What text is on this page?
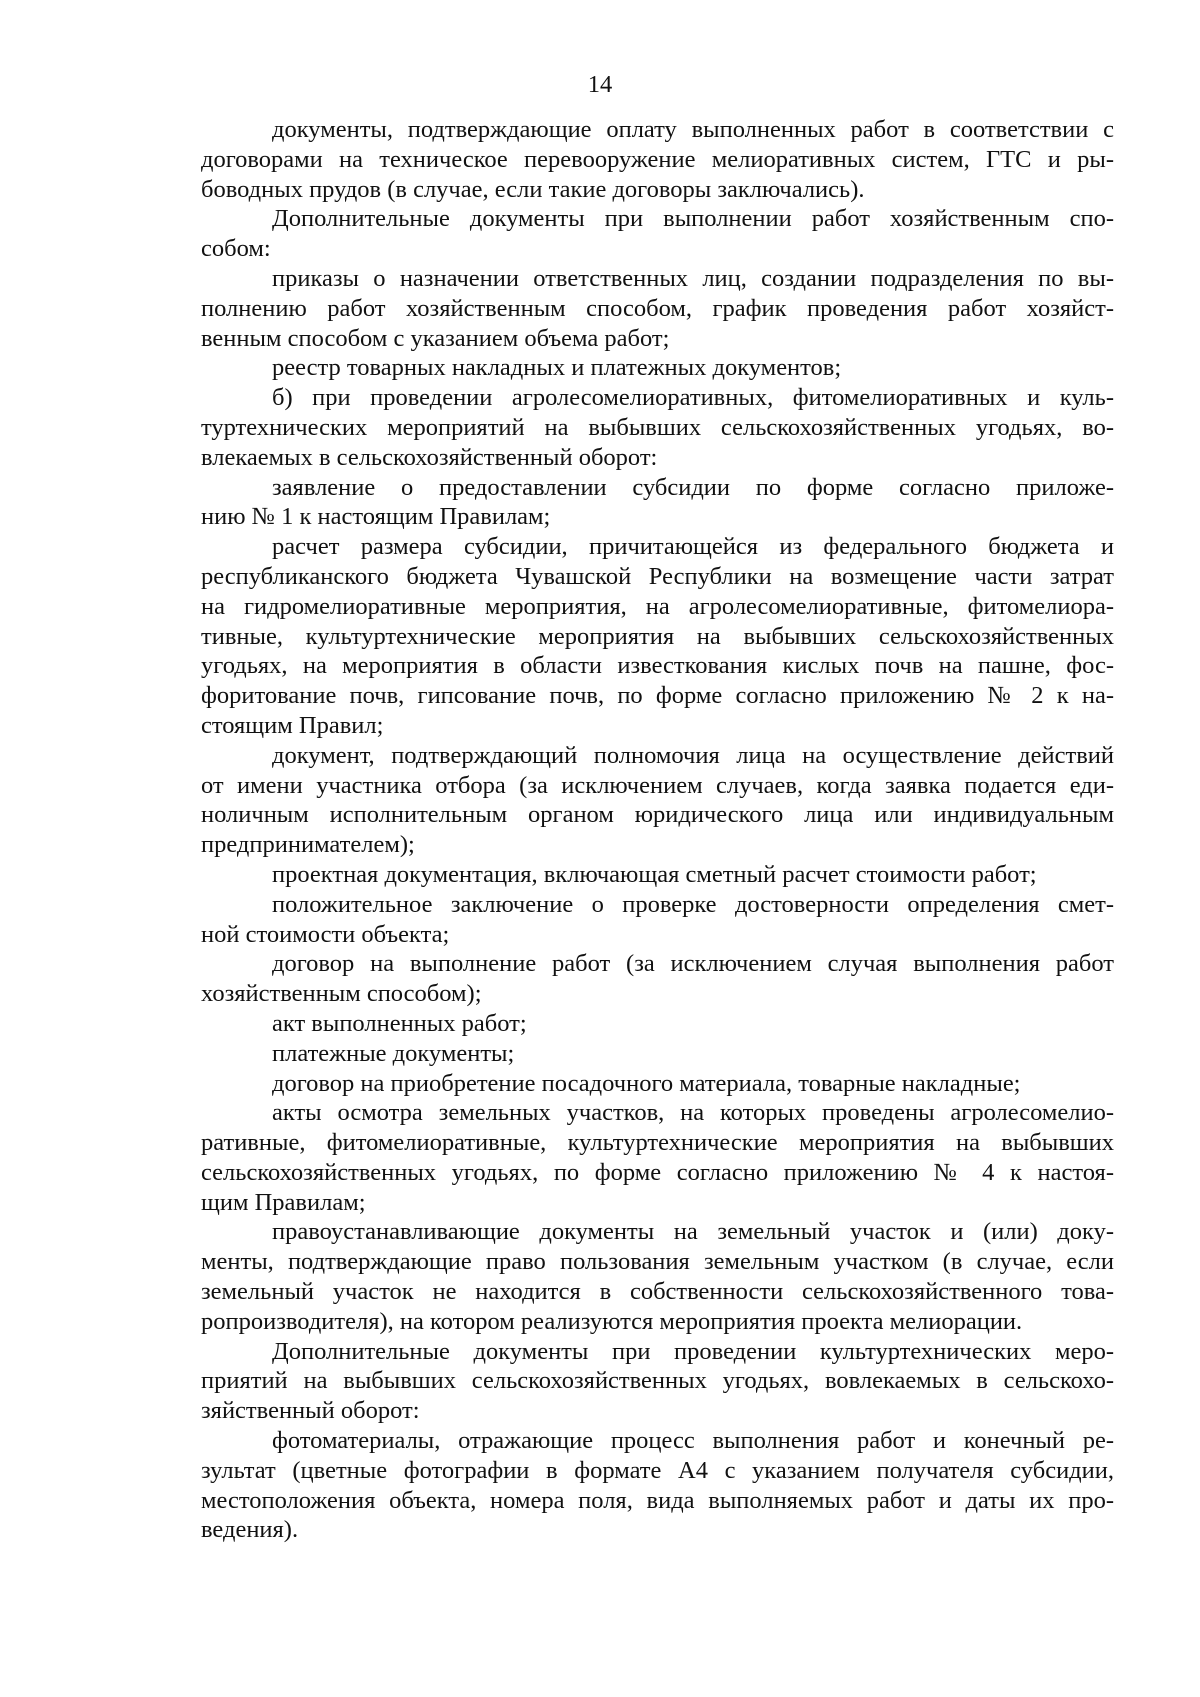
14
документы, подтверждающие оплату выполненных работ в соответствии с
договорами на техническое перевооружение мелиоративных систем, ГТС и ры-
боводных прудов (в случае, если такие договоры заключались).
Дополнительные документы при выполнении работ хозяйственным спо-
собом:
приказы о назначении ответственных лиц, создании подразделения по вы-
полнению работ хозяйственным способом, график проведения работ хозяйст-
венным способом с указанием объема работ;
реестр товарных накладных и платежных документов;
б) при проведении агролесомелиоративных, фитомелиоративных и куль-
туртехнических мероприятий на выбывших сельскохозяйственных угодьях, во-
влекаемых в сельскохозяйственный оборот:
заявление о предоставлении субсидии по форме согласно приложе-
нию № 1 к настоящим Правилам;
расчет размера субсидии, причитающейся из федерального бюджета и
республиканского бюджета Чувашской Республики на возмещение части затрат
на гидромелиоративные мероприятия, на агролесомелиоративные, фитомелиора-
тивные, культуртехнические мероприятия на выбывших сельскохозяйственных
угодьях, на мероприятия в области известкования кислых почв на пашне, фос-
форитование почв, гипсование почв, по форме согласно приложению № 2 к на-
стоящим Правил;
документ, подтверждающий полномочия лица на осуществление действий
от имени участника отбора (за исключением случаев, когда заявка подается еди-
ноличным исполнительным органом юридического лица или индивидуальным
предпринимателем);
проектная документация, включающая сметный расчет стоимости работ;
положительное заключение о проверке достоверности определения смет-
ной стоимости объекта;
договор на выполнение работ (за исключением случая выполнения работ
хозяйственным способом);
акт выполненных работ;
платежные документы;
договор на приобретение посадочного материала, товарные накладные;
акты осмотра земельных участков, на которых проведены агролесомелио-
ративные, фитомелиоративные, культуртехнические мероприятия на выбывших
сельскохозяйственных угодьях, по форме согласно приложению № 4 к настоя-
щим Правилам;
правоустанавливающие документы на земельный участок и (или) доку-
менты, подтверждающие право пользования земельным участком (в случае, если
земельный участок не находится в собственности сельскохозяйственного това-
ропроизводителя), на котором реализуются мероприятия проекта мелиорации.
Дополнительные документы при проведении культуртехнических меро-
приятий на выбывших сельскохозяйственных угодьях, вовлекаемых в сельскохо-
зяйственный оборот:
фотоматериалы, отражающие процесс выполнения работ и конечный ре-
зультат (цветные фотографии в формате А4 с указанием получателя субсидии,
местоположения объекта, номера поля, вида выполняемых работ и даты их про-
ведения).
